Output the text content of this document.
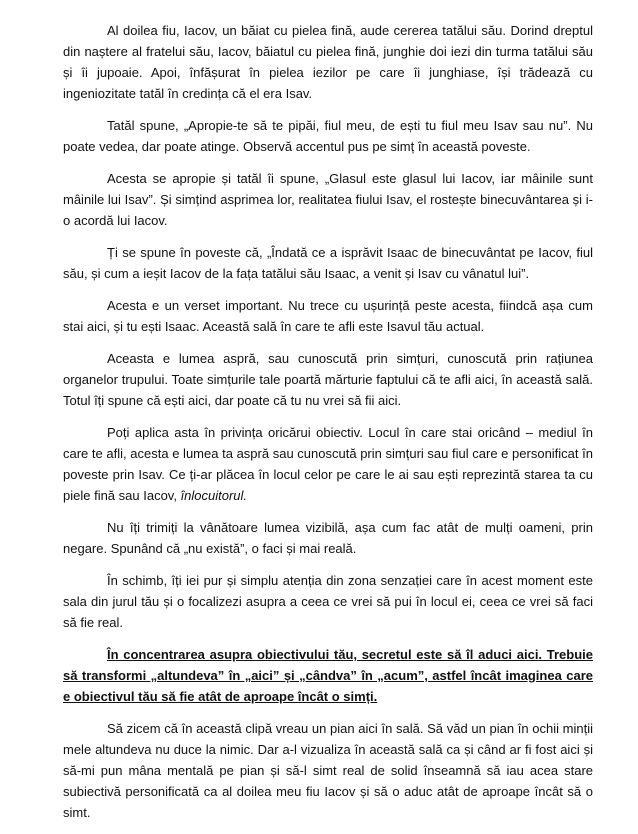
Al doilea fiu, Iacov, un băiat cu pielea fină, aude cererea tatălui său. Dorind dreptul din naștere al fratelui său, Iacov, băiatul cu pielea fină, junghie doi iezi din turma tatălui său și îi jupoaie. Apoi, înfășurat în pielea iezilor pe care îi junghiase, își trădează cu ingeniozitate tatăl în credința că el era Isav.

Tatăl spune, „Apropie-te să te pipăi, fiul meu, de ești tu fiul meu Isav sau nu”. Nu poate vedea, dar poate atinge. Observă accentul pus pe simț în această poveste.

Acesta se apropie și tatăl îi spune, „Glasul este glasul lui Iacov, iar mâinile sunt mâinile lui Isav”. Și simțind asprimea lor, realitatea fiului Isav, el rostește binecuvântarea și i-o acordă lui Iacov.

Ți se spune în poveste că, „Îndată ce a isprăvit Isaac de binecuvântat pe Iacov, fiul său, și cum a ieșit Iacov de la fața tatălui său Isaac, a venit și Isav cu vânatul lui”.

Acesta e un verset important. Nu trece cu ușurință peste acesta, fiindcă așa cum stai aici, și tu ești Isaac. Această sală în care te afli este Isavul tău actual.

Aceasta e lumea aspră, sau cunoscută prin simțuri, cunoscută prin rațiunea organelor trupului. Toate simțurile tale poartă mărturie faptului că te afli aici, în această sală. Totul îți spune că ești aici, dar poate că tu nu vrei să fii aici.

Poți aplica asta în privința oricărui obiectiv. Locul în care stai oricând – mediul în care te afli, acesta e lumea ta aspră sau cunoscută prin simțuri sau fiul care e personificat în poveste prin Isav. Ce ți-ar plăcea în locul celor pe care le ai sau ești reprezintă starea ta cu piele fină sau Iacov, înlocuitorul.

Nu îți trimiți la vânătoare lumea vizibilă, așa cum fac atât de mulți oameni, prin negare. Spunând că „nu există”, o faci și mai reală.

În schimb, îți iei pur și simplu atenția din zona senzației care în acest moment este sala din jurul tău și o focalizezi asupra a ceea ce vrei să pui în locul ei, ceea ce vrei să faci să fie real.

În concentrarea asupra obiectivului tău, secretul este să îl aduci aici. Trebuie să transformi „altundeva” în „aici” și „cândva” în „acum”, astfel încât imaginea care e obiectivul tău să fie atât de aproape încât o simți.

Să zicem că în această clipă vreau un pian aici în sală. Să văd un pian în ochii minții mele altundeva nu duce la nimic. Dar a-l vizualiza în această sală ca și când ar fi fost aici și să-mi pun mâna mentală pe pian și să-l simt real de solid înseamnă să iau acea stare subiectivă personificată ca al doilea meu fiu Iacov și să o aduc atât de aproape încât să o simt.
